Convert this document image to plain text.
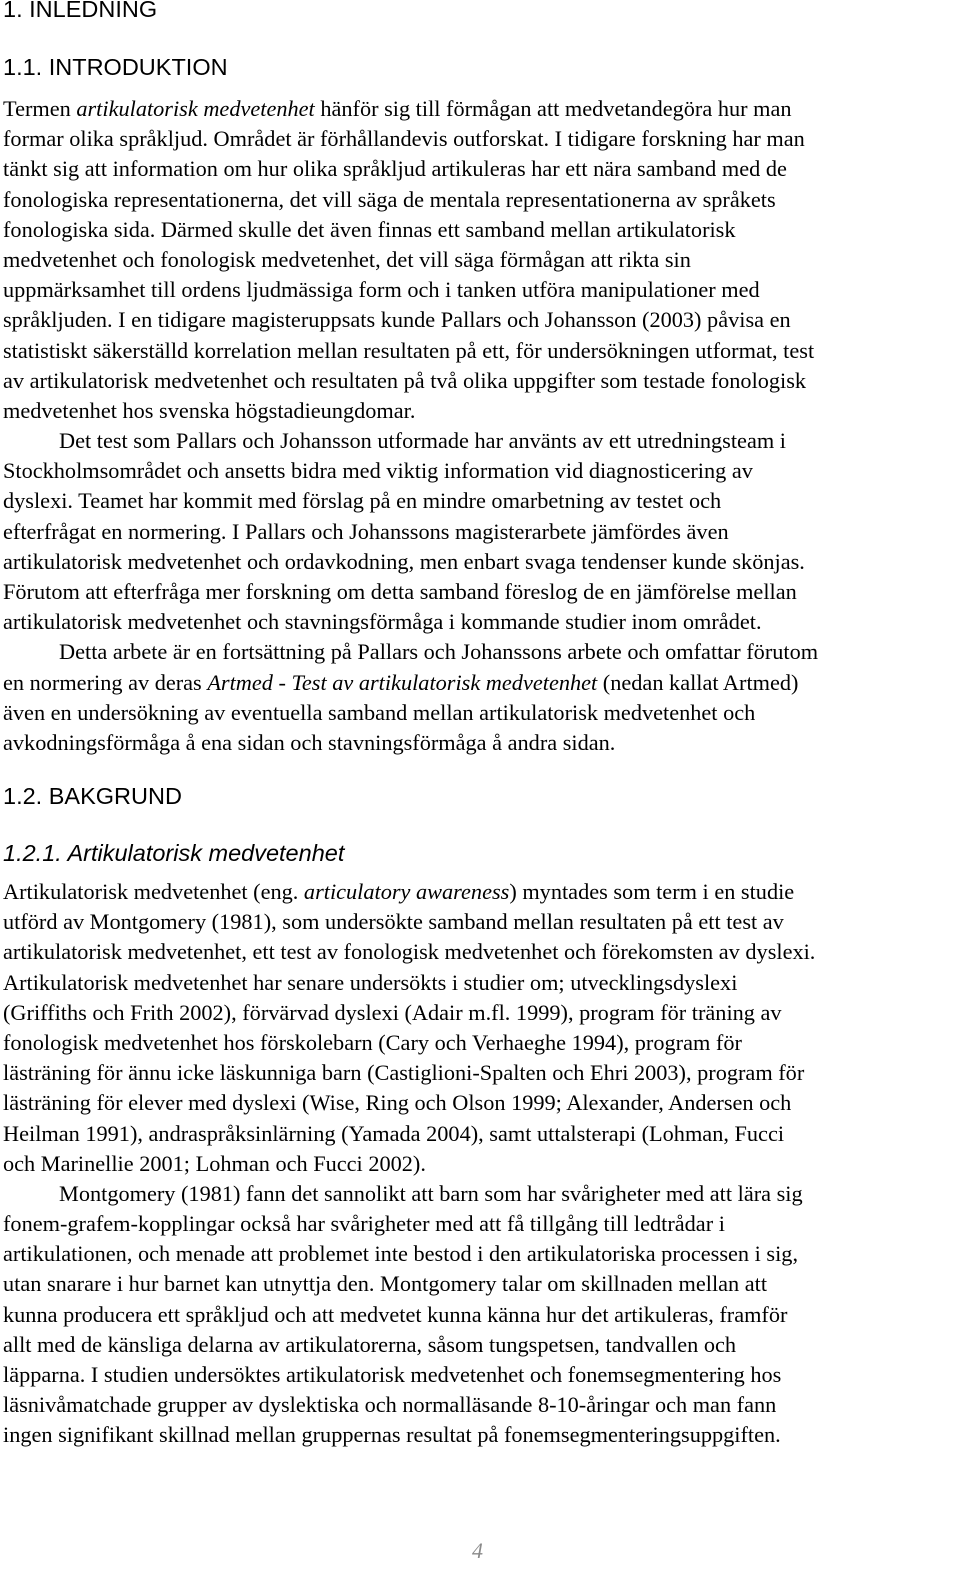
1. INLEDNING
1.1. INTRODUKTION
Termen artikulatorisk medvetenhet hänför sig till förmågan att medvetandegöra hur man
formar olika språkljud. Området är förhållandevis outforskat. I tidigare forskning har man
tänkt sig att information om hur olika språkljud artikuleras har ett nära samband med de
fonologiska representationerna, det vill säga de mentala representationerna av språkets
fonologiska sida. Därmed skulle det även finnas ett samband mellan artikulatorisk
medvetenhet och fonologisk medvetenhet, det vill säga förmågan att rikta sin
uppmärksamhet till ordens ljudmässiga form och i tanken utföra manipulationer med
språkljuden. I en tidigare magisteruppsats kunde Pallars och Johansson (2003) påvisa en
statistiskt säkerställd korrelation mellan resultaten på ett, för undersökningen utformat, test
av artikulatorisk medvetenhet och resultaten på två olika uppgifter som testade fonologisk
medvetenhet hos svenska högstadieungdomar.
Det test som Pallars och Johansson utformade har använts av ett utredningsteam i
Stockholmsområdet och ansetts bidra med viktig information vid diagnosticering av
dyslexi. Teamet har kommit med förslag på en mindre omarbetning av testet och
efterfrågat en normering. I Pallars och Johanssons magisterarbete jämfördes även
artikulatorisk medvetenhet och ordavkodning, men enbart svaga tendenser kunde skönjas.
Förutom att efterfråga mer forskning om detta samband föreslog de en jämförelse mellan
artikulatorisk medvetenhet och stavningsförmåga i kommande studier inom området.
Detta arbete är en fortsättning på Pallars och Johanssons arbete och omfattar förutom
en normering av deras Artmed - Test av artikulatorisk medvetenhet (nedan kallat Artmed)
även en undersökning av eventuella samband mellan artikulatorisk medvetenhet och
avkodningsförmåga å ena sidan och stavningsförmåga å andra sidan.
1.2. BAKGRUND
1.2.1. Artikulatorisk medvetenhet
Artikulatorisk medvetenhet (eng. articulatory awareness) myntades som term i en studie
utförd av Montgomery (1981), som undersökte samband mellan resultaten på ett test av
artikulatorisk medvetenhet, ett test av fonologisk medvetenhet och förekomsten av dyslexi.
Artikulatorisk medvetenhet har senare undersökts i studier om; utvecklingsdyslexi
(Griffiths och Frith 2002), förvärvad dyslexi (Adair m.fl. 1999), program för träning av
fonologisk medvetenhet hos förskolebarn (Cary och Verhaeghe 1994), program för
lästräning för ännu icke läskunniga barn (Castiglioni-Spalten och Ehri 2003), program för
lästräning för elever med dyslexi (Wise, Ring och Olson 1999; Alexander, Andersen och
Heilman 1991), andraspråksinlärning (Yamada 2004), samt uttalsterapi (Lohman, Fucci
och Marinellie 2001; Lohman och Fucci 2002).
Montgomery (1981) fann det sannolikt att barn som har svårigheter med att lära sig
fonem-grafem-kopplingar också har svårigheter med att få tillgång till ledtrådar i
artikulationen, och menade att problemet inte bestod i den artikulatoriska processen i sig,
utan snarare i hur barnet kan utnyttja den. Montgomery talar om skillnaden mellan att
kunna producera ett språkljud och att medvetet kunna känna hur det artikuleras, framför
allt med de känsliga delarna av artikulatorerna, såsom tungspetsen, tandvallen och
läpparna. I studien undersöktes artikulatorisk medvetenhet och fonemsegmentering hos
läsnivåmatchade grupper av dyslektiska och normalläsande 8-10-åringar och man fann
ingen signifikant skillnad mellan gruppernas resultat på fonemsegmenteringsuppgiften.
4
